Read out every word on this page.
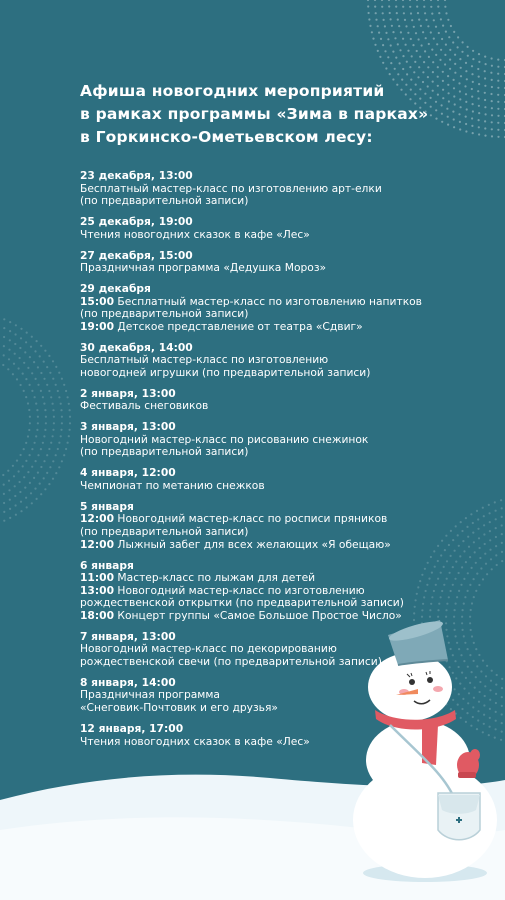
Афиша новогодних мероприятий
в рамках программы «Зима в парках»
в Горкинско-Ометьевском лесу:
23 декабря, 13:00
Бесплатный мастер-класс по изготовлению арт-елки
(по предварительной записи)
25 декабря, 19:00
Чтения новогодних сказок в кафе «Лес»
27 декабря, 15:00
Праздничная программа «Дедушка Мороз»
29 декабря
15:00 Бесплатный мастер-класс по изготовлению напитков
(по предварительной записи)
19:00 Детское представление от театра «Сдвиг»
30 декабря, 14:00
Бесплатный мастер-класс по изготовлению
новогодней игрушки (по предварительной записи)
2 января, 13:00
Фестиваль снеговиков
3 января, 13:00
Новогодний мастер-класс по рисованию снежинок
(по предварительной записи)
4 января, 12:00
Чемпионат по метанию снежков
5 января
12:00 Новогодний мастер-класс по росписи пряников
(по предварительной записи)
12:00 Лыжный забег для всех желающих «Я обещаю»
6 января
11:00 Мастер-класс по лыжам для детей
13:00 Новогодний мастер-класс по изготовлению
рождественской открытки (по предварительной записи)
18:00 Концерт группы «Самое Большое Простое Число»
7 января, 13:00
Новогодний мастер-класс по декорированию
рождественской свечи (по предварительной записи)
8 января, 14:00
Праздничная программа
«Снеговик-Почтовик и его друзья»
12 января, 17:00
Чтения новогодних сказок в кафе «Лес»
